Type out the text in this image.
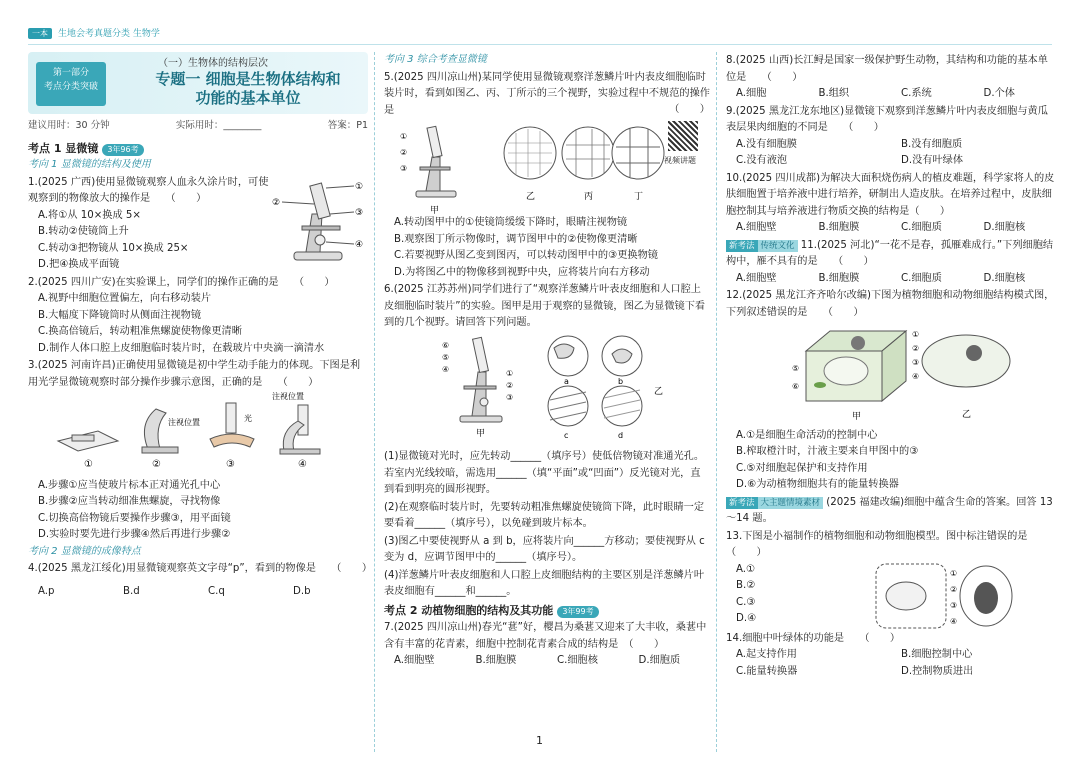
一本 生地会考真题分类 生物学
第一部分
考点分类突破
（一）生物体的结构层次
专题一 细胞是生物体结构和
功能的基本单位
建议用时：30 分钟	实际用时：________	答案：P1
考点 1 显微镜 3年96考
考向 1 显微镜的结构及使用
1.(2025 广西)使用显微镜观察人血永久涂片时，可使观察到的物像放大的操作是　　（　　）
A.将①从 10×换成 5×
B.转动②使镜筒上升
C.转动③把物镜从 10×换成 25×
D.把④换成平面镜
①
②
③
④
2.(2025 四川广安)在实验课上，同学们的操作正确的是　　（　　）
A.视野中细胞位置偏左，向右移动装片
B.大幅度下降镜筒时从侧面注视物镜
C.换高倍镜后，转动粗准焦螺旋使物像更清晰
D.制作人体口腔上皮细胞临时装片时，在载玻片中央滴一滴清水
3.(2025 河南许昌)正确使用显微镜是初中学生动手能力的体现。下图是利用光学显微镜观察时部分操作步骤示意图，正确的是　　（　　）
①
注视位置
②
光
③
注视位置
④
A.步骤①应当使玻片标本正对通光孔中心
B.步骤②应当转动细准焦螺旋，寻找物像
C.切换高倍物镜后要操作步骤③，用平面镜
D.实验时要先进行步骤④然后再进行步骤②
考向 2 显微镜的成像特点
4.(2025 黑龙江绥化)用显微镜观察英文字母“p”，看到的物像是　　（　　）
A.p	B.d	C.q	D.b
考向 3 综合考查显微镜
5.(2025 四川凉山州)某同学使用显微镜观察洋葱鳞片叶内表皮细胞临时装片时，看到如图乙、丙、丁所示的三个视野，实验过程中不规范的操作是	（　　）
视频讲题
①
②
③
甲
乙	丙	丁
A.转动图甲中的①使镜筒缓缓下降时，眼睛注视物镜
B.观察图丁所示物像时，调节图甲中的②使物像更清晰
C.若要视野从图乙变到图丙，可以转动图甲中的③更换物镜
D.为将图乙中的物像移到视野中央，应将装片向右方移动
6.(2025 江苏苏州)同学们进行了“观察洋葱鳞片叶表皮细胞和人口腔上皮细胞临时装片”的实验。图甲是用于观察的显微镜，图乙为显微镜下看到的几个视野。请回答下列问题。
⑥
⑤
④	①
②
③
甲
a	b
c	d
乙
(1)显微镜对光时，应先转动______（填序号）使低倍物镜对准通光孔。若室内光线较暗，需选用______（填“平面”或“凹面”）反光镜对光，直到看到明亮的圆形视野。
(2)在观察临时装片时，先要转动粗准焦螺旋使镜筒下降，此时眼睛一定要看着______（填序号），以免碰到玻片标本。
(3)图乙中要使视野从 a 到 b，应将装片向______方移动；要使视野从 c 变为 d，应调节图甲中的______（填序号）。
(4)洋葱鳞片叶表皮细胞和人口腔上皮细胞结构的主要区别是洋葱鳞片叶表皮细胞有______和______。
考点 2 动植物细胞的结构及其功能 3年99考
7.(2025 四川凉山州)春光“葚”好，樱昌为桑葚又迎来了大丰收，桑葚中含有丰富的花青素，细胞中控制花青素合成的结构是　（　　）
A.细胞壁	B.细胞膜	C.细胞核	D.细胞质
8.(2025 山西)长江鲟是国家一级保护野生动物，其结构和功能的基本单位是　　（　　）
A.细胞	B.组织	C.系统	D.个体
9.(2025 黑龙江龙东地区)显微镜下观察到洋葱鳞片叶内表皮细胞与黄瓜表层果肉细胞的不同是　　（　　）
A.没有细胞膜	B.没有细胞质
C.没有液泡	D.没有叶绿体
10.(2025 四川成都)为解决大面积烧伤病人的植皮难题，科学家将人的皮肤细胞置于培养液中进行培养，研制出人造皮肤。在培养过程中，皮肤细胞控制其与培养液进行物质交换的结构是（　　）
A.细胞壁	B.细胞膜	C.细胞质	D.细胞核
新考法 传统文化 11.(2025 河北)“一花不是春，孤雁难成行。”下列细胞结构中，雁不具有的是　　（　　）
A.细胞壁	B.细胞膜	C.细胞质	D.细胞核
12.(2025 黑龙江齐齐哈尔改编)下图为植物细胞和动物细胞结构模式图，下列叙述错误的是　　（　　）
⑥
⑤
甲	乙
①
②
③
④
A.①是细胞生命活动的控制中心
B.榨取橙汁时，汁液主要来自甲图中的③
C.⑤对细胞起保护和支持作用
D.⑥为动植物细胞共有的能量转换器
新考法 大主题情境素材 (2025 福建改编)细胞中蕴含生命的答案。回答 13～14 题。
13.下图是小福制作的植物细胞和动物细胞模型。图中标注错误的是　　（　　）
A.①
B.②
C.③
D.④
①
②
③
④
14.细胞中叶绿体的功能是　　（　　）
A.起支持作用	B.细胞控制中心
C.能量转换器	D.控制物质进出
1
